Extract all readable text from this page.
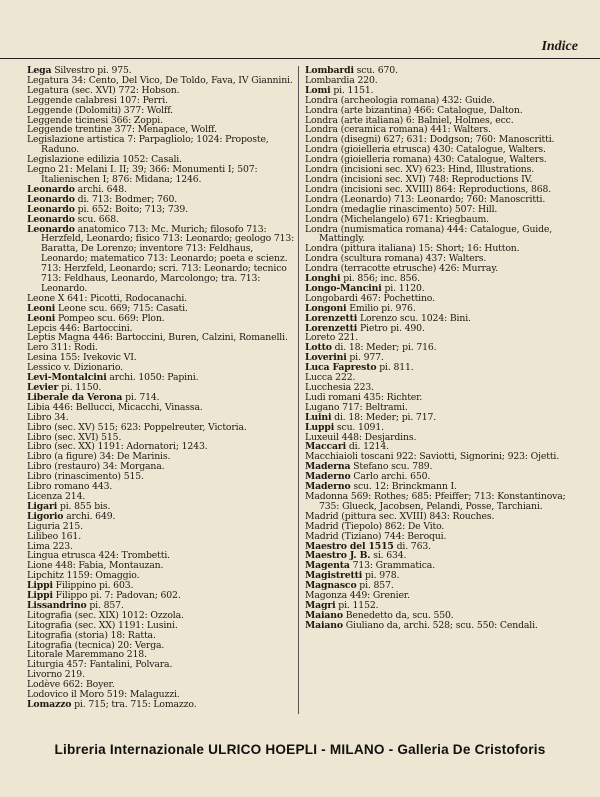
Indice
Lega Silvestro pi. 975.
Legatura 34: Cento, Del Vico, De Toldo, Fava, IV Giannini.
Legatura (sec. XVI) 772: Hobson.
Leggende calabresi 107: Perri.
Leggende (Dolomiti) 377: Wolff.
Leggende ticinesi 366: Zoppi.
Leggende trentine 377: Menapace, Wolff.
Legislazione artistica 7: Parpagliolo; 1024: Proposte, Raduno.
Legislazione edilizia 1052: Casali.
Legno 21: Melani I. II; 39; 366: Monumenti I; 507: Italienischen I; 876: Midana; 1246.
Leonardo archi. 648.
Leonardo di. 713: Bodmer; 760.
Leonardo pi. 652: Boito; 713; 739.
Leonardo scu. 668.
Leonardo anatomico 713: Mc. Murich; filosofo 713: Herzfeld, Leonardo; fisico 713: Leonardo; geologo 713: Baratta, De Lorenzo; inventore 713: Feldhaus, Leonardo; matematico 713: Leonardo; poeta e scienz. 713: Herzfeld, Leonardo; scri. 713: Leonardo; tecnico 713: Feldhaus, Leonardo, Marcolongo; tra. 713: Leonardo.
Leone X 641: Picotti, Rodocanachi.
Leoni Leone scu. 669; 715: Casati.
Leoni Pompeo scu. 669: Plon.
Lepcis 446: Bartoccini.
Leptis Magna 446: Bartoccini, Buren, Calzini, Romanelli.
Lero 311: Rodi.
Lesina 155: Ivekovic VI.
Lessico v. Dizionario.
Levi-Montalcini archi. 1050: Papini.
Levier pi. 1150.
Liberale da Verona pi. 714.
Libia 446: Bellucci, Micacchi, Vinassa.
Libro 34.
Libro (sec. XV) 515; 623: Poppelreuter, Victoria.
Libro (sec. XVI) 515.
Libro (sec. XX) 1191: Adornatori; 1243.
Libro (a figure) 34: De Marinis.
Libro (restauro) 34: Morgana.
Libro (rinascimento) 515.
Libro romano 443.
Licenza 214.
Ligari pi. 855 bis.
Ligorio archi. 649.
Liguria 215.
Lilibeo 161.
Lima 223.
Lingua etrusca 424: Trombetti.
Lione 448: Fabia, Montauzan.
Lipchitz 1159: Omaggio.
Lippi Filippino pi. 603.
Lippi Filippo pi. 7: Padovan; 602.
Lissandrino pi. 857.
Litografia (sec. XIX) 1012: Ozzola.
Litografia (sec. XX) 1191: Lusini.
Litografia (storia) 18: Ratta.
Litografia (tecnica) 20: Verga.
Litorale Maremmano 218.
Liturgia 457: Fantalini, Polvara.
Livorno 219.
Lodève 662: Boyer.
Lodovico il Moro 519: Malaguzzi.
Lomazzo pi. 715; tra. 715: Lomazzo.
Lombardi scu. 670.
Lombardia 220.
Lomi pi. 1151.
Londra (archeologia romana) 432: Guide.
Londra (arte bizantina) 466: Catalogue, Dalton.
Londra (arte italiana) 6: Balniel, Holmes, ecc.
Londra (ceramica romana) 441: Walters.
Londra (disegni) 627; 631: Dodgson; 760: Manoscritti.
Londra (gioielleria etrusca) 430: Catalogue, Walters.
Londra (gioielleria romana) 430: Catalogue, Walters.
Londra (incisioni sec. XV) 623: Hind, Illustrations.
Londra (incisioni sec. XVI) 748: Reproductions IV.
Londra (incisioni sec. XVIII) 864: Reproductions, 868.
Londra (Leonardo) 713: Leonardo; 760: Manoscritti.
Londra (medaglie rinascimento) 507: Hill.
Londra (Michelangelo) 671: Kriegbaum.
Londra (numismatica romana) 444: Catalogue, Guide, Mattingly.
Londra (pittura italiana) 15: Short; 16: Hutton.
Londra (scultura romana) 437: Walters.
Londra (terracotte etrusche) 426: Murray.
Longhi pi. 856; inc. 856.
Longo-Mancini pi. 1120.
Longobardi 467: Pochettino.
Longoni Emilio pi. 976.
Lorenzetti Lorenzo scu. 1024: Bini.
Lorenzetti Pietro pi. 490.
Loreto 221.
Lotto di. 18: Meder; pi. 716.
Loverini pi. 977.
Luca Fapresto pi. 811.
Lucca 222.
Lucchesia 223.
Ludi romani 435: Richter.
Lugano 717: Beltrami.
Luini di. 18: Meder; pi. 717.
Luppi scu. 1091.
Luxeuil 448: Desjardins.
Maccari di. 1214.
Macchiaioli toscani 922: Saviotti, Signorini; 923: Ojetti.
Maderna Stefano scu. 789.
Maderno Carlo archi. 650.
Maderno scu. 12: Brinckmann I.
Madonna 569: Rothes; 685: Pfeiffer; 713: Konstantinova; 735: Glueck, Jacobsen, Pelandi, Posse, Tarchiani.
Madrid (pittura sec. XVIII) 843: Rouches.
Madrid (Tiepolo) 862: De Vito.
Madrid (Tiziano) 744: Beroqui.
Maestro del 1515 di. 763.
Maestro J. B. si. 634.
Magenta 713: Grammatica.
Magistretti pi. 978.
Magnasco pi. 857.
Magonza 449: Grenier.
Magri pi. 1152.
Maiano Benedetto da, scu. 550.
Maiano Giuliano da, archi. 528; scu. 550: Cendali.
Libreria Internazionale ULRICO HOEPLI - MILANO - Galleria De Cristoforis
